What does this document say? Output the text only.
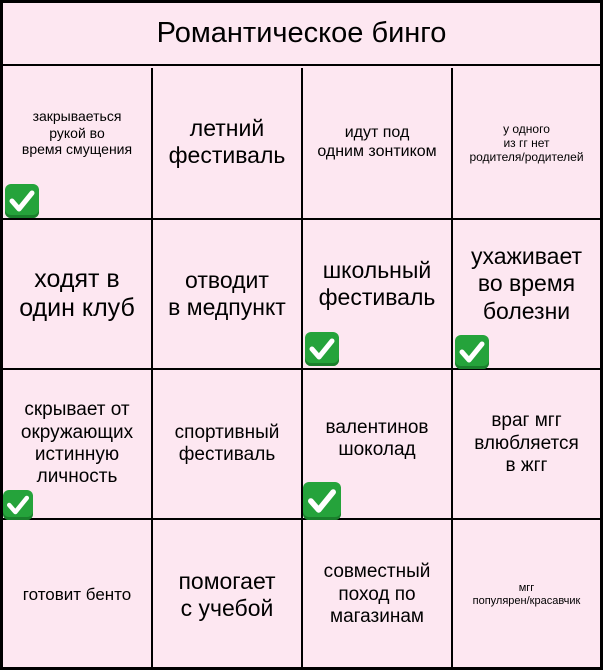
Романтическое бинго
закрываеться
рукой во
время смущения
летний
фестиваль
идут под
одним зонтиком
у одного
из гг нет
родителя/родителей
ходят в
один клуб
отводит
в медпункт
школьный
фестиваль
ухаживает
во время
болезни
скрывает от
окружающих
истинную
личность
спортивный
фестиваль
валентинов
шоколад
враг мгг
влюбляется
в жгг
готовит бенто
помогает
с учебой
совместный
поход по
магазинам
мгг
популярен/красавчик
